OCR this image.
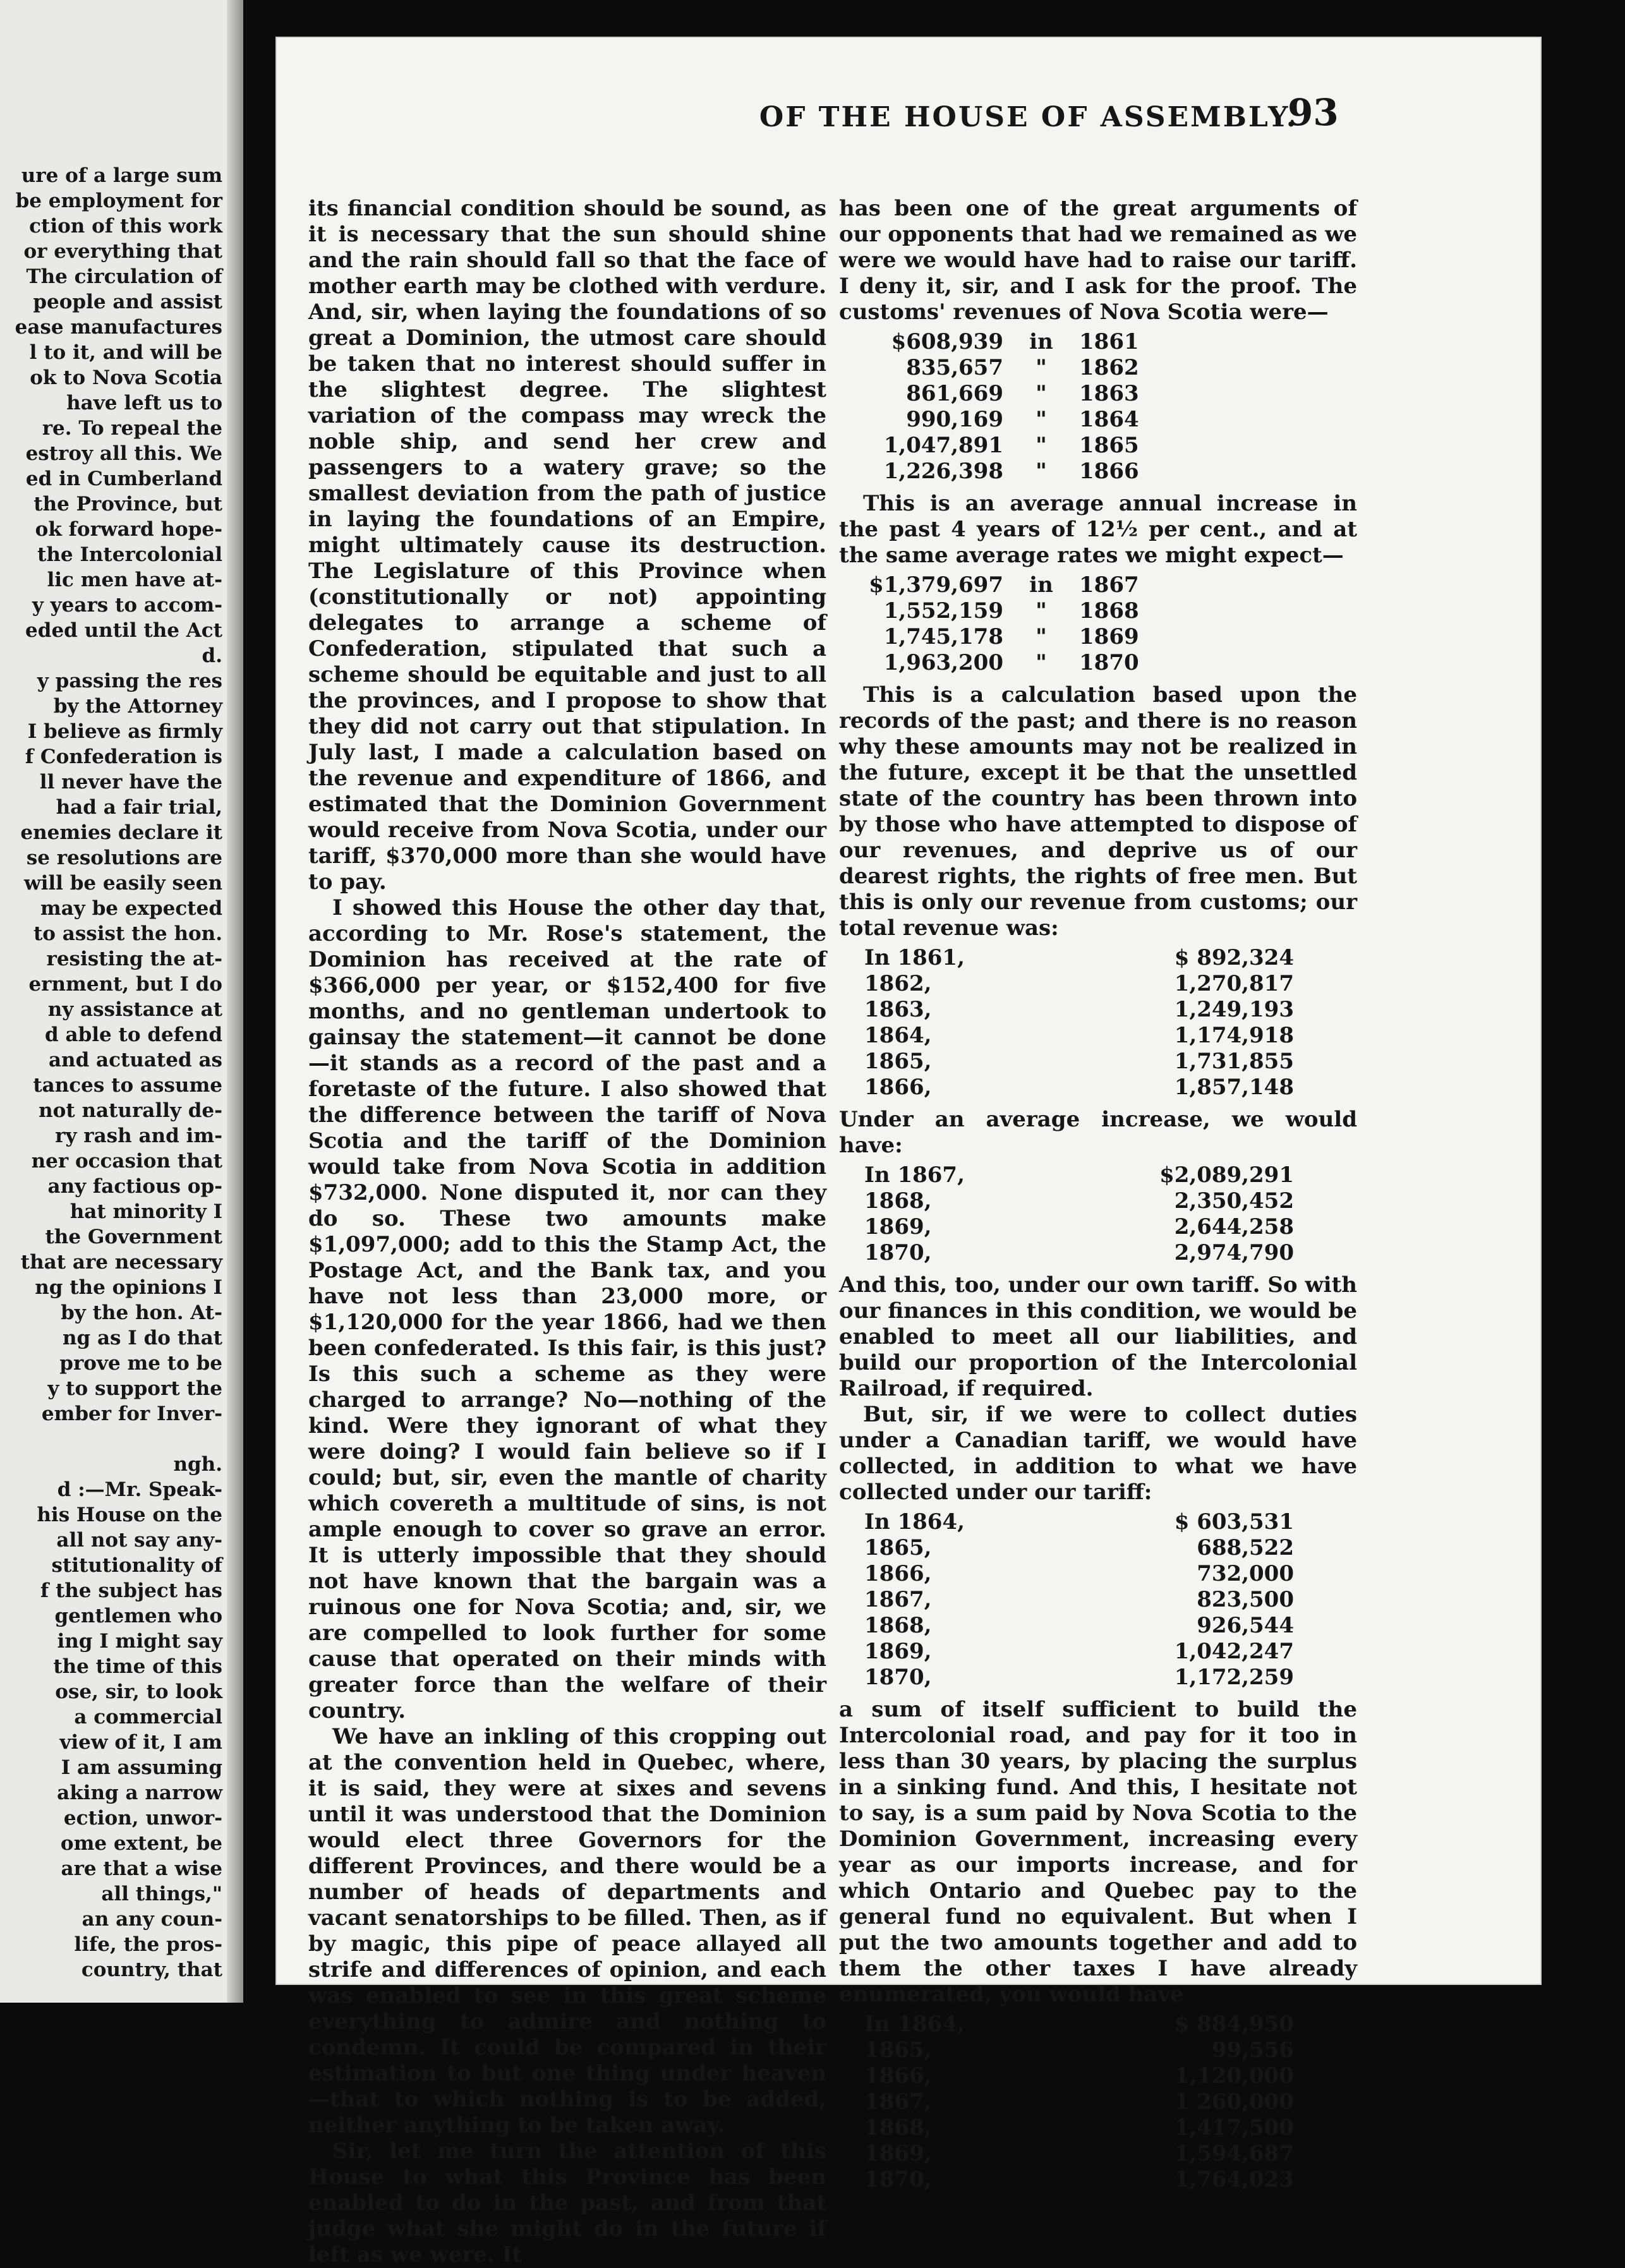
ure of a large sum

be employment for

ction of this work

or everything that

The circulation of

people and assist

ease manufactures

l to it, and will be

ok to Nova Scotia

have left us to

re. To repeal the

estroy all this. We

ed in Cumberland

the Province, but

ok forward hope-

the Intercolonial

lic men have at-

y years to accom-

eded until the Act

d.

y passing the res

by the Attorney

I believe as firmly

f Confederation is

ll never have the

had a fair trial,

enemies declare it

se resolutions are

will be easily seen

may be expected

to assist the hon.

resisting the at-

ernment, but I do

ny assistance at

d able to defend

and actuated as

tances to assume

not naturally de-

ry rash and im-

ner occasion that

any factious op-

hat minority I

the Government

that are necessary

ng the opinions I

by the hon. At-

ng as I do that

prove me to be

y to support the

ember for Inver-

ngh.

d :—Mr. Speak-

his House on the

all not say any-

stitutionality of

f the subject has

gentlemen who

ing I might say

the time of this

ose, sir, to look

a commercial

view of it, I am

I am assuming

aking a narrow

ection, unwor-

ome extent, be

are that a wise

all things,"

an any coun-

life, the pros-

country, that

OF THE HOUSE OF ASSEMBLY.
93

its financial condition should be sound, as it is necessary that the sun should shine and the rain should fall so that the face of mother earth may be clothed with verdure. And, sir, when laying the foundations of so great a Dominion, the utmost care should be taken that no interest should suffer in the slightest degree. The slightest variation of the compass may wreck the noble ship, and send her crew and passengers to a watery grave; so the smallest deviation from the path of justice in laying the foundations of an Empire, might ultimately cause its destruction. The Legislature of this Province when (constitutionally or not) appointing delegates to arrange a scheme of Confederation, stipulated that such a scheme should be equitable and just to all the provinces, and I propose to show that they did not carry out that stipulation. In July last, I made a calculation based on the revenue and expenditure of 1866, and estimated that the Dominion Government would receive from Nova Scotia, under our tariff, $370,000 more than she would have to pay.

I showed this House the other day that, according to Mr. Rose's statement, the Dominion has received at the rate of $366,000 per year, or $152,400 for five months, and no gentleman undertook to gainsay the statement—it cannot be done—it stands as a record of the past and a foretaste of the future. I also showed that the difference between the tariff of Nova Scotia and the tariff of the Dominion would take from Nova Scotia in addition $732,000. None disputed it, nor can they do so. These two amounts make $1,097,000; add to this the Stamp Act, the Postage Act, and the Bank tax, and you have not less than 23,000 more, or $1,120,000 for the year 1866, had we then been confederated. Is this fair, is this just? Is this such a scheme as they were charged to arrange? No—nothing of the kind. Were they ignorant of what they were doing? I would fain believe so if I could; but, sir, even the mantle of charity which covereth a multitude of sins, is not ample enough to cover so grave an error. It is utterly impossible that they should not have known that the bargain was a ruinous one for Nova Scotia; and, sir, we are compelled to look further for some cause that operated on their minds with greater force than the welfare of their country.

We have an inkling of this cropping out at the convention held in Quebec, where, it is said, they were at sixes and sevens until it was understood that the Dominion would elect three Governors for the different Provinces, and there would be a number of heads of departments and vacant senatorships to be filled. Then, as if by magic, this pipe of peace allayed all strife and differences of opinion, and each was enabled to see in this great scheme everything to admire and nothing to condemn. It could be compared in their estimation to but one thing under heaven—that to which nothing is to be added, neither anything to be taken away.

Sir, let me turn the attention of this House to what this Province has been enabled to do in the past, and from that judge what she might do in the future if left as we were. It

has been one of the great arguments of our opponents that had we remained as we were we would have had to raise our tariff. I deny it, sir, and I ask for the proof. The customs' revenues of Nova Scotia were—

$608,939	in	1861
835,657	"	1862
861,669	"	1863
990,169	"	1864
1,047,891	"	1865
1,226,398	"	1866

This is an average annual increase in the past 4 years of 12½ per cent., and at the same average rates we might expect—

$1,379,697	in	1867
1,552,159	"	1868
1,745,178	"	1869
1,963,200	"	1870

This is a calculation based upon the records of the past; and there is no reason why these amounts may not be realized in the future, except it be that the unsettled state of the country has been thrown into by those who have attempted to dispose of our revenues, and deprive us of our dearest rights, the rights of free men. But this is only our revenue from customs; our total revenue was:

In 1861,	$ 892,324
1862,	1,270,817
1863,	1,249,193
1864,	1,174,918
1865,	1,731,855
1866,	1,857,148

Under an average increase, we would have:

In 1867,	$2,089,291
1868,	2,350,452
1869,	2,644,258
1870,	2,974,790

And this, too, under our own tariff. So with our finances in this condition, we would be enabled to meet all our liabilities, and build our proportion of the Intercolonial Railroad, if required.

But, sir, if we were to collect duties under a Canadian tariff, we would have collected, in addition to what we have collected under our tariff:

In 1864,	$ 603,531
1865,	688,522
1866,	732,000
1867,	823,500
1868,	926,544
1869,	1,042,247
1870,	1,172,259

a sum of itself sufficient to build the Intercolonial road, and pay for it too in less than 30 years, by placing the surplus in a sinking fund. And this, I hesitate not to say, is a sum paid by Nova Scotia to the Dominion Government, increasing every year as our imports increase, and for which Ontario and Quebec pay to the general fund no equivalent. But when I put the two amounts together and add to them the other taxes I have already enumerated, you would have

In 1864,	$ 884,950
1865,	99,556
1866,	1,120,000
1867,	1 260,000
1868,	1,417,500
1869,	1,594,687
1870,	1,764,023
